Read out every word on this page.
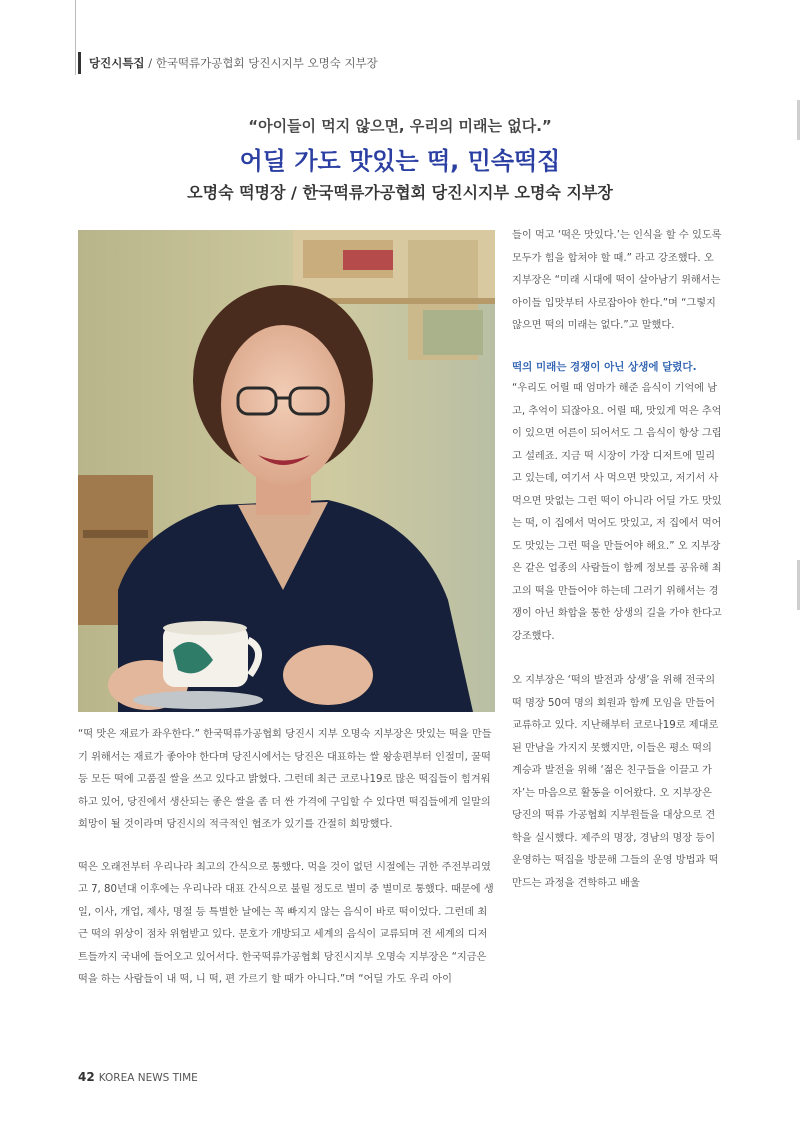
당진시특집 / 한국떡류가공협회 당진시지부 오명숙 지부장
“아이들이 먹지 않으면, 우리의 미래는 없다.”
어딜 가도 맛있는 떡, 민속떡집
오명숙 떡명장 / 한국떡류가공협회 당진시지부 오명숙 지부장

“떡 맛은 재료가 좌우한다.” 한국떡류가공협회 당진시 지부 오명숙 지부장은 맛있는 떡을 만들기 위해서는 재료가 좋아야 한다며 당진시에서는 당진은 대표하는 쌀 왕송편부터 인절미, 꿀떡 등 모든 떡에 고품질 쌀을 쓰고 있다고 밝혔다. 그런데 최근 코로나19로 많은 떡집들이 힘겨워하고 있어, 당진에서 생산되는 좋은 쌀을 좀 더 싼 가격에 구입할 수 있다면 떡집들에게 일말의 희망이 될 것이라며 당진시의 적극적인 협조가 있기를 간절히 희망했다.

떡은 오래전부터 우리나라 최고의 간식으로 통했다. 먹을 것이 없던 시절에는 귀한 주전부리였고 7, 80년대 이후에는 우리나라 대표 간식으로 불릴 정도로 별미 중 별미로 통했다. 때문에 생일, 이사, 개업, 제사, 명절 등 특별한 날에는 꼭 빠지지 않는 음식이 바로 떡이었다. 그런데 최근 떡의 위상이 점차 위협받고 있다. 문호가 개방되고 세계의 음식이 교류되며 전 세계의 디저트들까지 국내에 들어오고 있어서다. 한국떡류가공협회 당진시지부 오명숙 지부장은 “지금은 떡을 하는 사람들이 내 떡, 니 떡, 편 가르기 할 때가 아니다.”며 “어딜 가도 우리 아이

들이 먹고 ‘떡은 맛있다.’는 인식을 할 수 있도록 모두가 힘을 합쳐야 할 때.” 라고 강조했다. 오 지부장은 “미래 시대에 떡이 살아남기 위해서는 아이들 입맛부터 사로잡아야 한다.”며 “그렇지 않으면 떡의 미래는 없다.”고 말했다.

떡의 미래는 경쟁이 아닌 상생에 달렸다.

“우리도 어릴 때 엄마가 해준 음식이 기억에 남고, 추억이 되잖아요. 어릴 때, 맛있게 먹은 추억이 있으면 어른이 되어서도 그 음식이 항상 그립고 설레죠. 지금 떡 시장이 가장 디저트에 밀리고 있는데, 여기서 사 먹으면 맛있고, 저기서 사 먹으면 맛없는 그런 떡이 아니라 어딜 가도 맛있는 떡, 이 집에서 먹어도 맛있고, 저 집에서 먹어도 맛있는 그런 떡을 만들어야 해요.” 오 지부장은 같은 업종의 사람들이 함께 정보를 공유해 최고의 떡을 만들어야 하는데 그러기 위해서는 경쟁이 아닌 화합을 통한 상생의 길을 가야 한다고 강조했다.

오 지부장은 ‘떡의 발전과 상생’을 위해 전국의 떡 명장 50여 명의 회원과 함께 모임을 만들어 교류하고 있다. 지난해부터 코로나19로 제대로 된 만남을 가지지 못했지만, 이들은 평소 떡의 계승과 발전을 위해 ‘젊은 친구들을 이끌고 가자’는 마음으로 활동을 이어왔다. 오 지부장은 당진의 떡류 가공협회 지부원들을 대상으로 견학을 실시했다. 제주의 명장, 경남의 명장 등이 운영하는 떡집을 방문해 그들의 운영 방법과 떡 만드는 과정을 견학하고 배울

42 KOREA NEWS TIME
